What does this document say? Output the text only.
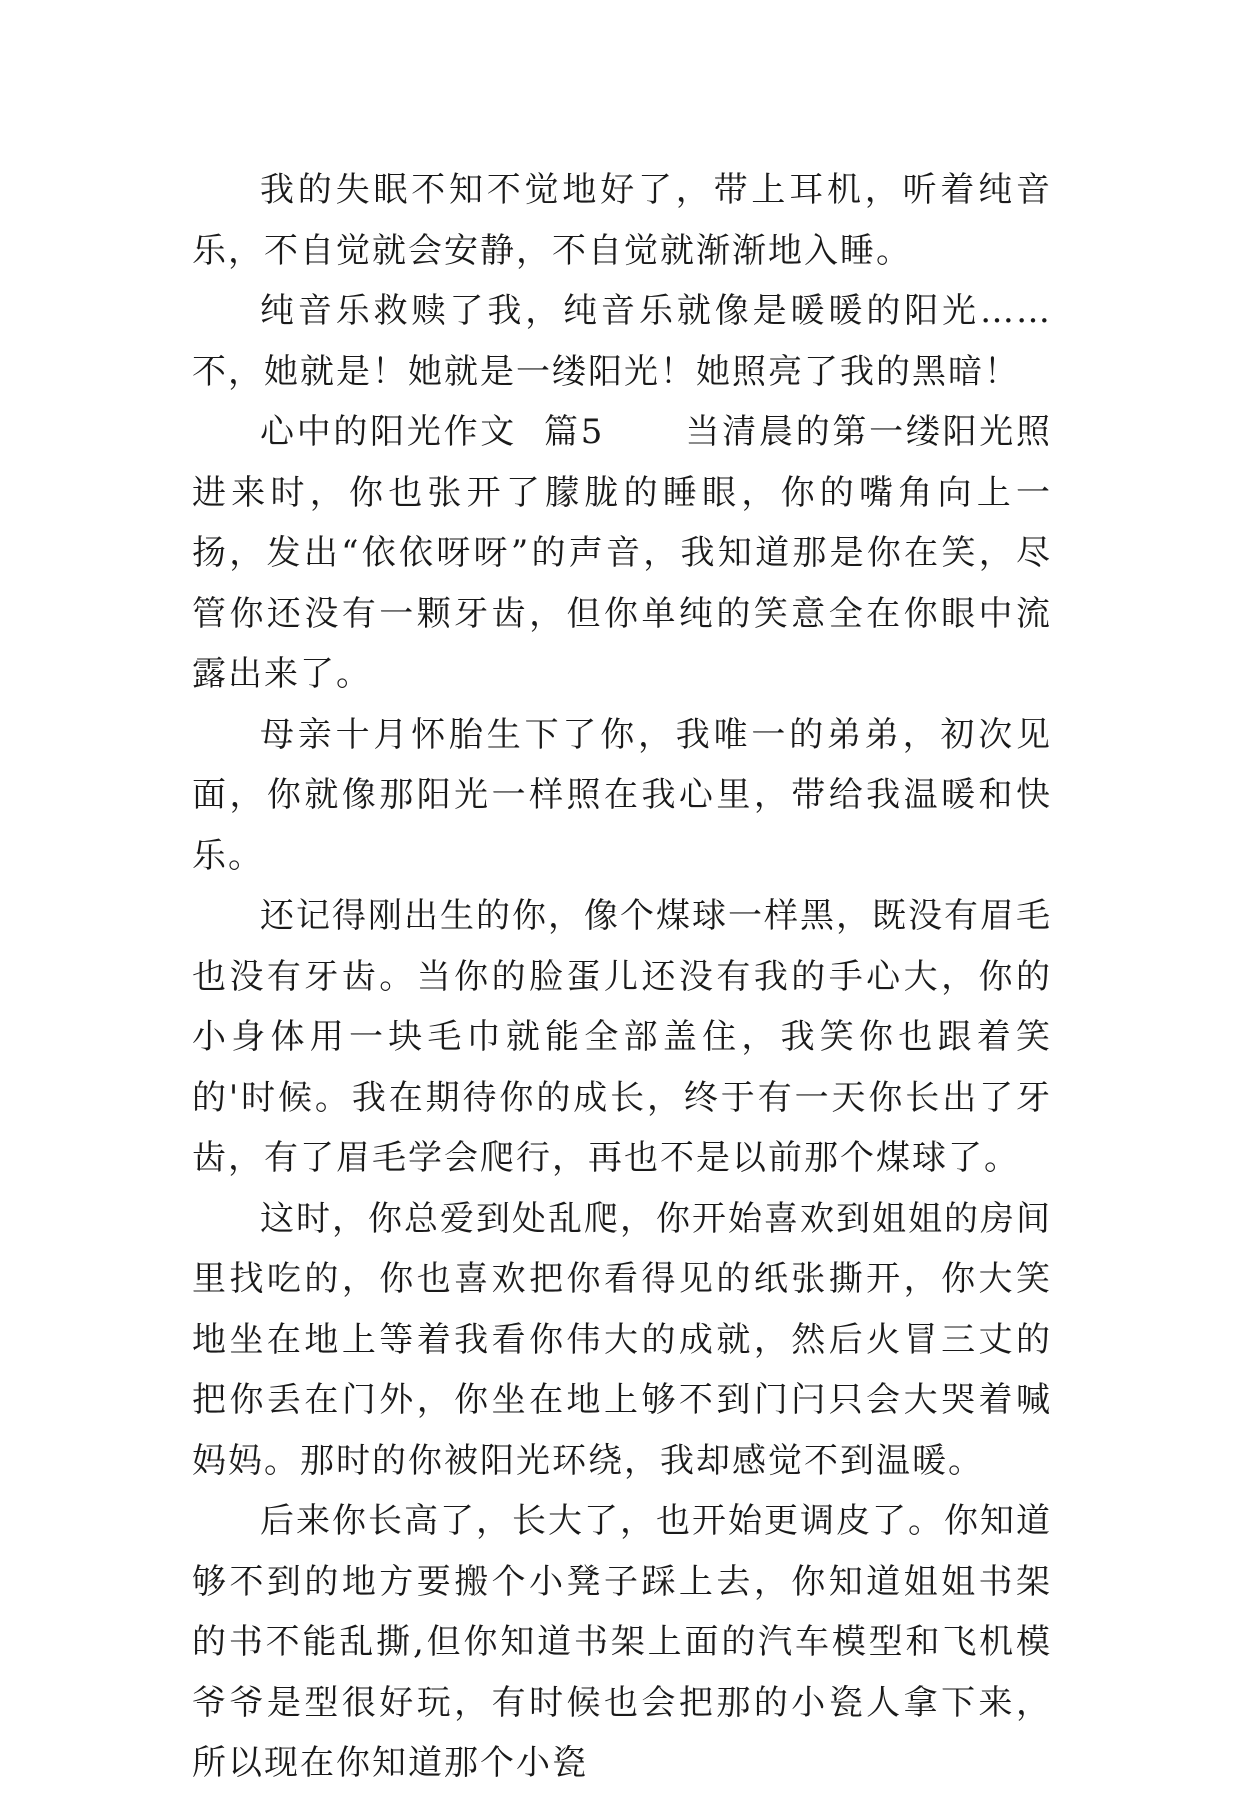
我的失眠不知不觉地好了，带上耳机，听着纯音乐，不自觉就会安静，不自觉就渐渐地入睡。

纯音乐救赎了我，纯音乐就像是暖暖的阳光……不，她就是！她就是一缕阳光！她照亮了我的黑暗！

心中的阳光作文  篇5      当清晨的第一缕阳光照进来时，你也张开了朦胧的睡眼，你的嘴角向上一扬，发出“依依呀呀”的声音，我知道那是你在笑，尽管你还没有一颗牙齿，但你单纯的笑意全在你眼中流露出来了。

母亲十月怀胎生下了你，我唯一的弟弟，初次见面，你就像那阳光一样照在我心里，带给我温暖和快乐。

还记得刚出生的你，像个煤球一样黑，既没有眉毛也没有牙齿。当你的脸蛋儿还没有我的手心大，你的小身体用一块毛巾就能全部盖住，我笑你也跟着笑的'时候。我在期待你的成长，终于有一天你长出了牙齿，有了眉毛学会爬行，再也不是以前那个煤球了。

这时，你总爱到处乱爬，你开始喜欢到姐姐的房间里找吃的，你也喜欢把你看得见的纸张撕开，你大笑地坐在地上等着我看你伟大的成就，然后火冒三丈的把你丢在门外，你坐在地上够不到门闩只会大哭着喊妈妈。那时的你被阳光环绕，我却感觉不到温暖。

后来你长高了，长大了，也开始更调皮了。你知道够不到的地方要搬个小凳子踩上去，你知道姐姐书架的书不能乱撕,但你知道书架上面的汽车模型和飞机模爷爷是型很好玩，有时候也会把那的小瓷人拿下来，所以现在你知道那个小瓷
